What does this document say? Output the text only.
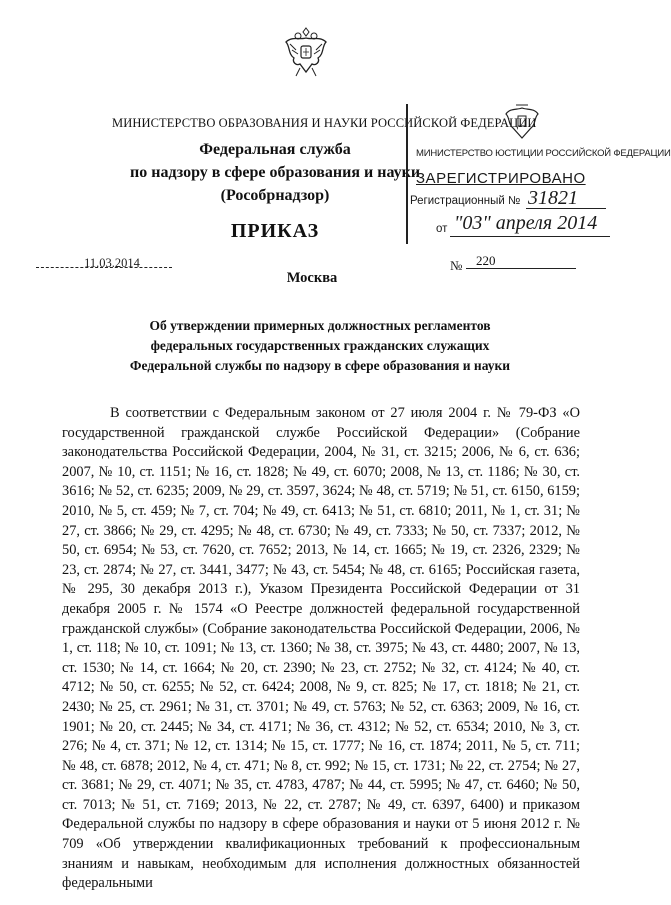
МИНИСТЕРСТВО ОБРАЗОВАНИЯ И НАУКИ РОССИЙСКОЙ ФЕДЕРАЦИИ
Федеральная служба
по надзору в сфере образования и науки
(Рособрнадзор)
МИНИСТЕРСТВО ЮСТИЦИИ РОССИЙСКОЙ ФЕДЕРАЦИИ
ЗАРЕГИСТРИРОВАНО
Регистрационный № 31821
от "03" апреля 2014
ПРИКАЗ
11.03.2014	№ 220
Москва
Об утверждении примерных должностных регламентов
федеральных государственных гражданских служащих
Федеральной службы по надзору в сфере образования и науки
В соответствии с Федеральным законом от 27 июля 2004 г. № 79-ФЗ «О государственной гражданской службе Российской Федерации» (Собрание законодательства Российской Федерации, 2004, № 31, ст. 3215; 2006, № 6, ст. 636; 2007, № 10, ст. 1151; № 16, ст. 1828; № 49, ст. 6070; 2008, № 13, ст. 1186; № 30, ст. 3616; № 52, ст. 6235; 2009, № 29, ст. 3597, 3624; № 48, ст. 5719; № 51, ст. 6150, 6159; 2010, № 5, ст. 459; № 7, ст. 704; № 49, ст. 6413; № 51, ст. 6810; 2011, № 1, ст. 31; № 27, ст. 3866; № 29, ст. 4295; № 48, ст. 6730; № 49, ст. 7333; № 50, ст. 7337; 2012, № 50, ст. 6954; № 53, ст. 7620, ст. 7652; 2013, № 14, ст. 1665; № 19, ст. 2326, 2329; № 23, ст. 2874; № 27, ст. 3441, 3477; № 43, ст. 5454; № 48, ст. 6165; Российская газета, № 295, 30 декабря 2013 г.), Указом Президента Российской Федерации от 31 декабря 2005 г. № 1574 «О Реестре должностей федеральной государственной гражданской службы» (Собрание законодательства Российской Федерации, 2006, № 1, ст. 118; № 10, ст. 1091; № 13, ст. 1360; № 38, ст. 3975; № 43, ст. 4480; 2007, № 13, ст. 1530; № 14, ст. 1664; № 20, ст. 2390; № 23, ст. 2752; № 32, ст. 4124; № 40, ст. 4712; № 50, ст. 6255; № 52, ст. 6424; 2008, № 9, ст. 825; № 17, ст. 1818; № 21, ст. 2430; № 25, ст. 2961; № 31, ст. 3701; № 49, ст. 5763; № 52, ст. 6363; 2009, № 16, ст. 1901; № 20, ст. 2445; № 34, ст. 4171; № 36, ст. 4312; № 52, ст. 6534; 2010, № 3, ст. 276; № 4, ст. 371; № 12, ст. 1314; № 15, ст. 1777; № 16, ст. 1874; 2011, № 5, ст. 711; № 48, ст. 6878; 2012, № 4, ст. 471; № 8, ст. 992; № 15, ст. 1731; № 22, ст. 2754; № 27, ст. 3681; № 29, ст. 4071; № 35, ст. 4783, 4787; № 44, ст. 5995; № 47, ст. 6460; № 50, ст. 7013; № 51, ст. 7169; 2013, № 22, ст. 2787; № 49, ст. 6397, 6400) и приказом Федеральной службы по надзору в сфере образования и науки от 5 июня 2012 г. № 709 «Об утверждении квалификационных требований к профессиональным знаниям и навыкам, необходимым для исполнения должностных обязанностей федеральными
